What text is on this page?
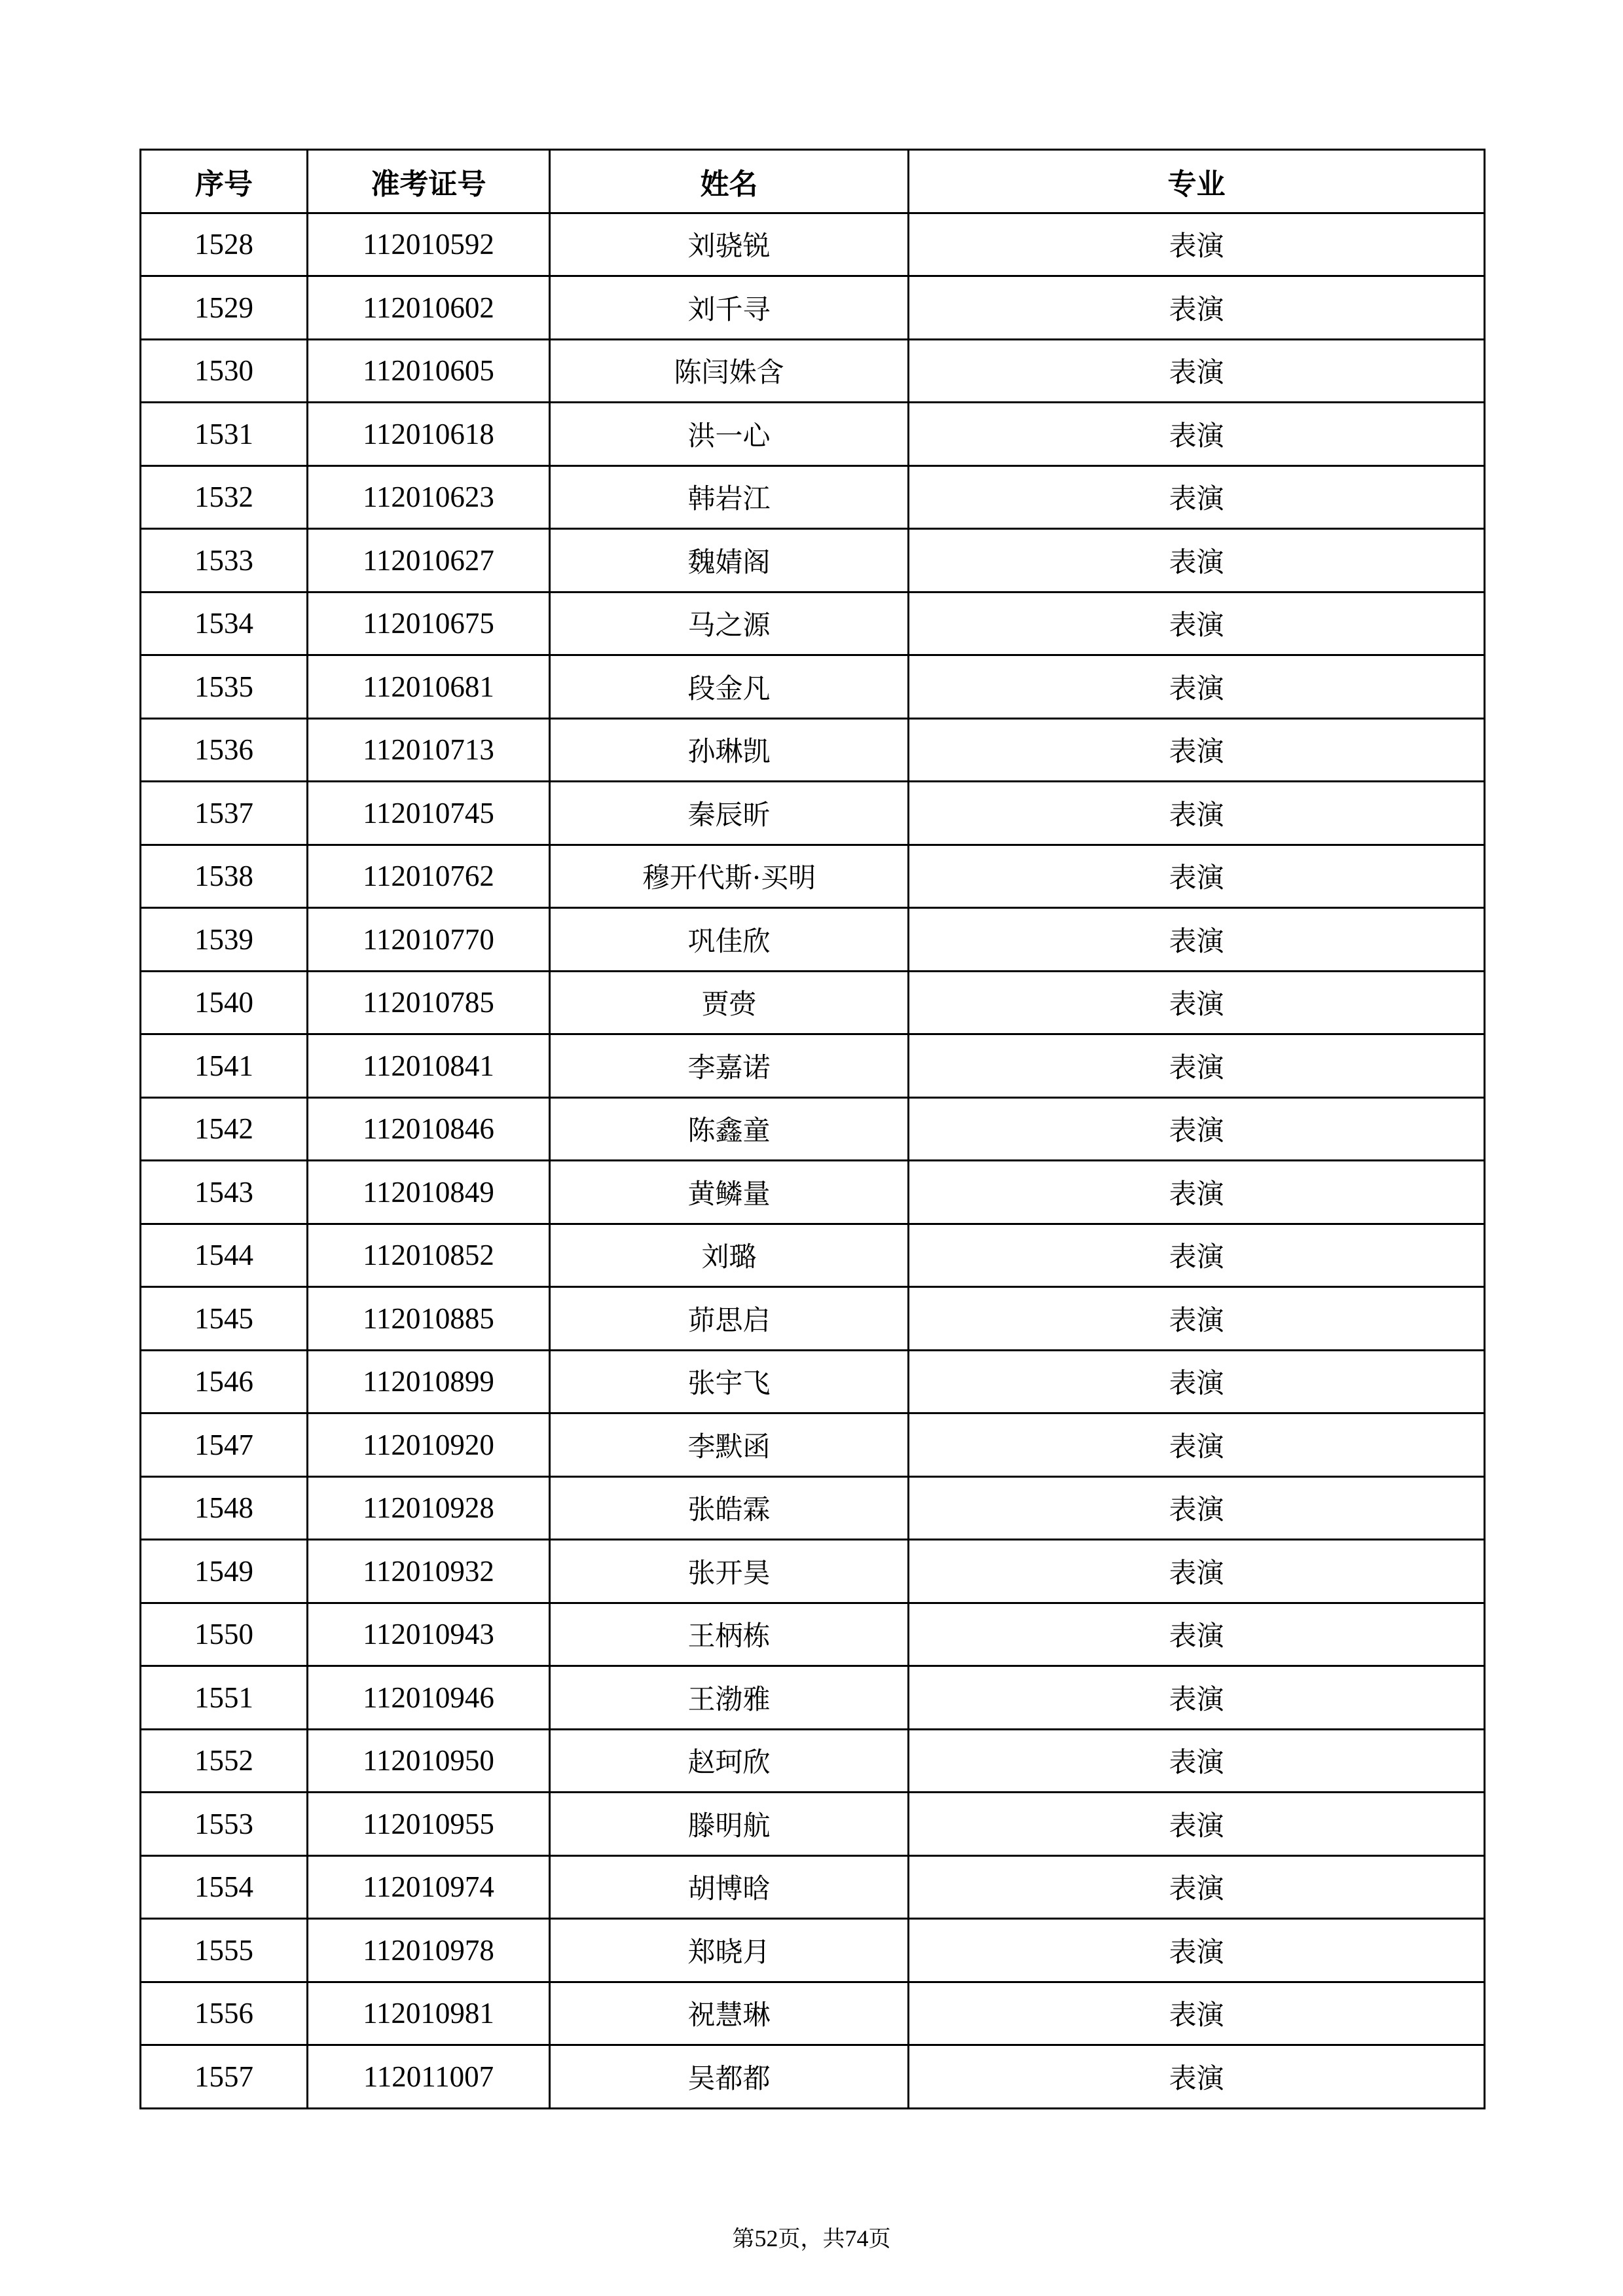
序号	准考证号	姓名	专业
1528	112010592	刘骁锐	表演
1529	112010602	刘千寻	表演
1530	112010605	陈闫姝含	表演
1531	112010618	洪一心	表演
1532	112010623	韩岩江	表演
1533	112010627	魏婧阁	表演
1534	112010675	马之源	表演
1535	112010681	段金凡	表演
1536	112010713	孙琳凯	表演
1537	112010745	秦辰昕	表演
1538	112010762	穆开代斯·买明	表演
1539	112010770	巩佳欣	表演
1540	112010785	贾赍	表演
1541	112010841	李嘉诺	表演
1542	112010846	陈鑫童	表演
1543	112010849	黄鳞量	表演
1544	112010852	刘璐	表演
1545	112010885	茆思启	表演
1546	112010899	张宇飞	表演
1547	112010920	李默函	表演
1548	112010928	张皓霖	表演
1549	112010932	张开昊	表演
1550	112010943	王柄栋	表演
1551	112010946	王渤雅	表演
1552	112010950	赵珂欣	表演
1553	112010955	滕明航	表演
1554	112010974	胡博晗	表演
1555	112010978	郑晓月	表演
1556	112010981	祝慧琳	表演
1557	112011007	吴都都	表演
第52页，共74页
